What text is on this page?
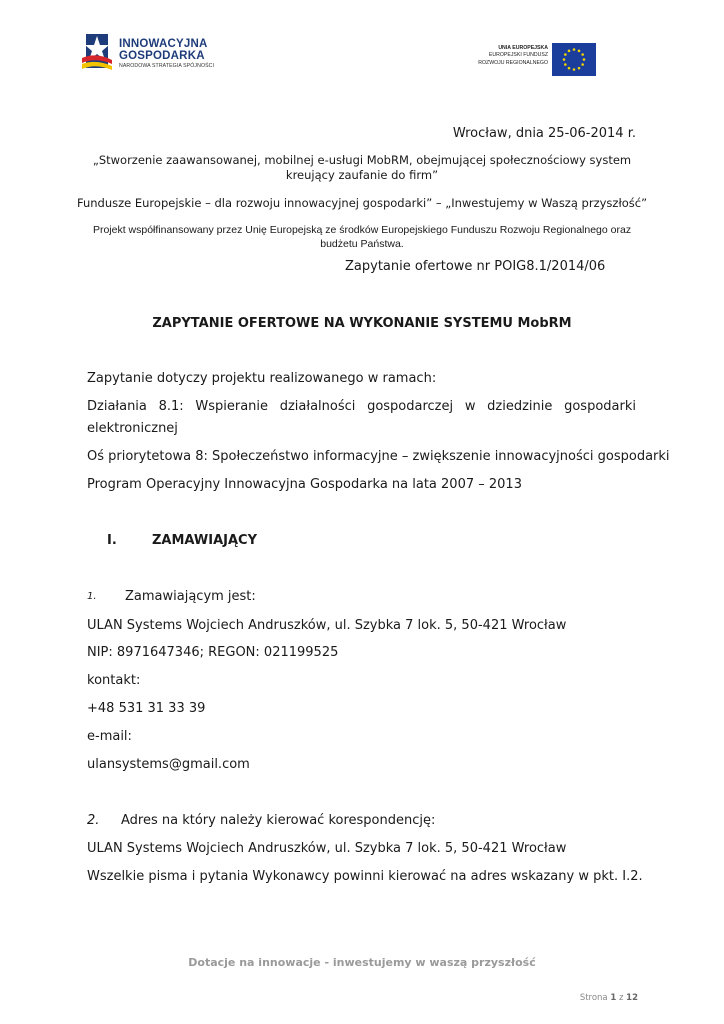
INNOWACYJNA
GOSPODARKA
NARODOWA STRATEGIA SPÓJNOŚCI
UNIA EUROPEJSKA
EUROPEJSKI FUNDUSZ
ROZWOJU REGIONALNEGO
Wrocław, dnia 25-06-2014 r.
„Stworzenie zaawansowanej, mobilnej e-usługi MobRM, obejmującej społecznościowy system
kreujący zaufanie do firm”
Fundusze Europejskie – dla rozwoju innowacyjnej gospodarki” – „Inwestujemy w Waszą przyszłość”
Projekt współfinansowany przez Unię Europejską ze środków Europejskiego Funduszu Rozwoju Regionalnego oraz
budżetu Państwa.
Zapytanie ofertowe nr POIG8.1/2014/06
ZAPYTANIE OFERTOWE NA WYKONANIE SYSTEMU MobRM
Zapytanie dotyczy projektu realizowanego w ramach:
Działania 8.1: Wspieranie działalności gospodarczej w dziedzinie gospodarki
elektronicznej
Oś priorytetowa 8: Społeczeństwo informacyjne – zwiększenie innowacyjności gospodarki
Program Operacyjny Innowacyjna Gospodarka na lata 2007 – 2013
I.	ZAMAWIAJĄCY
1. Zamawiającym jest:
ULAN Systems Wojciech Andruszków, ul. Szybka 7 lok. 5, 50-421 Wrocław
NIP: 8971647346; REGON: 021199525
kontakt:
+48 531 31 33 39
e-mail:
ulansystems@gmail.com
2. Adres na który należy kierować korespondencję:
ULAN Systems Wojciech Andruszków, ul. Szybka 7 lok. 5, 50-421 Wrocław
Wszelkie pisma i pytania Wykonawcy powinni kierować na adres wskazany w pkt. I.2.
Dotacje na innowacje - inwestujemy w waszą przyszłość
Strona 1 z 12
